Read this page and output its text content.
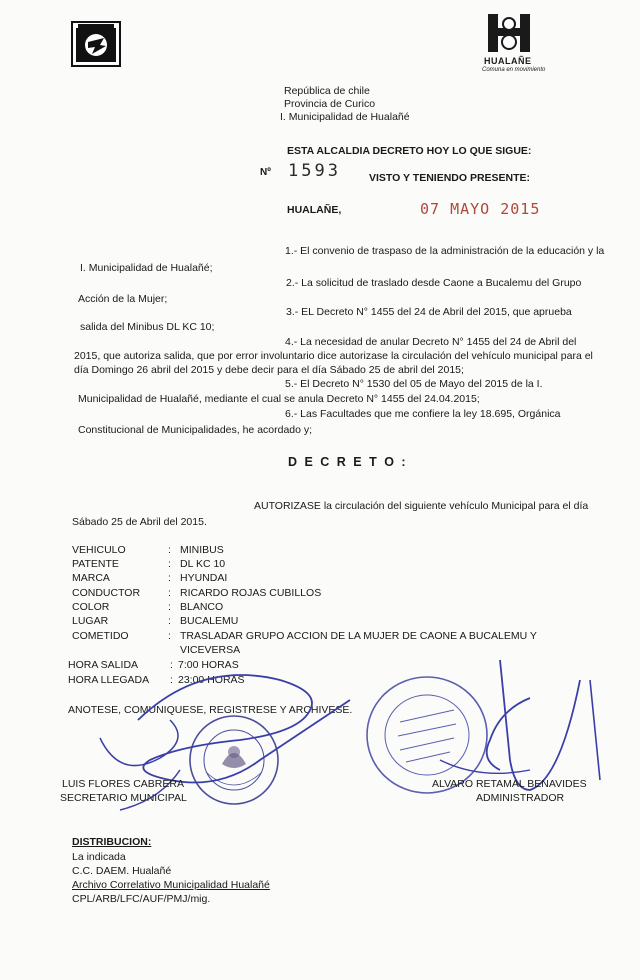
HUALAÑE
Comuna en movimiento
República de chile
Provincia de Curico
I. Municipalidad de Hualañé
ESTA ALCALDIA DECRETO HOY LO QUE SIGUE:
Nº 1593	VISTO Y TENIENDO PRESENTE:
HUALAÑE,	07 MAYO 2015
1.- El convenio de traspaso de la administración de la educación y la
I. Municipalidad de Hualañé;
2.- La solicitud de traslado desde Caone a Bucalemu del Grupo
Acción de la Mujer;
3.- EL Decreto N° 1455 del 24 de Abril del 2015, que aprueba
salida del Minibus DL KC 10;
4.- La necesidad de anular Decreto N° 1455 del 24 de Abril del
2015, que autoriza salida, que por error involuntario dice autorizase la circulación del vehículo municipal para el
día Domingo 26 abril del 2015 y debe decir para el día Sábado 25 de abril del 2015;
5.- El Decreto N° 1530 del 05 de Mayo del 2015 de la I.
Municipalidad de Hualañé, mediante el cual se anula Decreto N° 1455 del 24.04.2015;
6.- Las Facultades que me confiere la ley 18.695, Orgánica
Constitucional de Municipalidades, he acordado y;
D E C R E T O :
AUTORIZASE la circulación del siguiente vehículo Municipal para el día
Sábado 25 de Abril del 2015.
VEHICULO	: MINIBUS
PATENTE	: DL KC 10
MARCA	: HYUNDAI
CONDUCTOR	: RICARDO ROJAS CUBILLOS
COLOR	: BLANCO
LUGAR	: BUCALEMU
COMETIDO	: TRASLADAR GRUPO ACCION DE LA MUJER DE CAONE A BUCALEMU Y
VICEVERSA
HORA SALIDA	: 7:00 HORAS
HORA LLEGADA : 23:00 HORAS
ANOTESE, COMUNIQUESE, REGISTRESE Y ARCHIVESE.
LUIS FLORES CABRERA
SECRETARIO MUNICIPAL
ALVARO RETAMAL BENAVIDES
ADMINISTRADOR
DISTRIBUCION:
La indicada
C.C. DAEM. Hualañé
Archivo Correlativo Municipalidad Hualañé
CPL/ARB/LFC/AUF/PMJ/mig.
